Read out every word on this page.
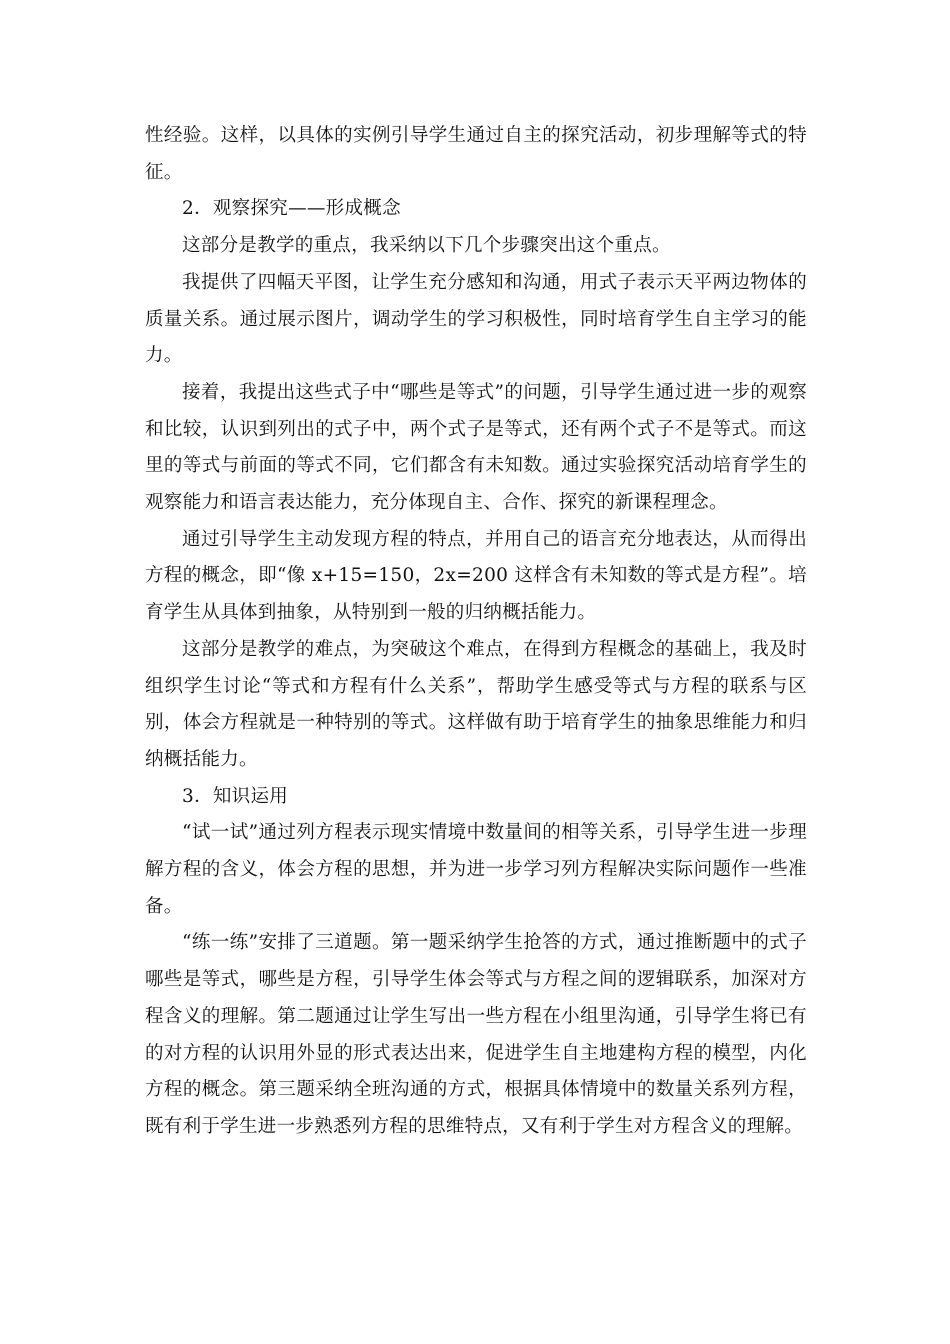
性经验。这样，以具体的实例引导学生通过自主的探究活动，初步理解等式的特征。

2．观察探究——形成概念

这部分是教学的重点，我采纳以下几个步骤突出这个重点。

我提供了四幅天平图，让学生充分感知和沟通，用式子表示天平两边物体的质量关系。通过展示图片，调动学生的学习积极性，同时培育学生自主学习的能力。

接着，我提出这些式子中“哪些是等式”的问题，引导学生通过进一步的观察和比较，认识到列出的式子中，两个式子是等式，还有两个式子不是等式。而这里的等式与前面的等式不同，它们都含有未知数。通过实验探究活动培育学生的观察能力和语言表达能力，充分体现自主、合作、探究的新课程理念。

通过引导学生主动发现方程的特点，并用自己的语言充分地表达，从而得出方程的概念，即“像 x+15=150，2x=200 这样含有未知数的等式是方程”。培育学生从具体到抽象，从特别到一般的归纳概括能力。

这部分是教学的难点，为突破这个难点，在得到方程概念的基础上，我及时组织学生讨论“等式和方程有什么关系”，帮助学生感受等式与方程的联系与区别，体会方程就是一种特别的等式。这样做有助于培育学生的抽象思维能力和归纳概括能力。

3．知识运用

“试一试”通过列方程表示现实情境中数量间的相等关系，引导学生进一步理解方程的含义，体会方程的思想，并为进一步学习列方程解决实际问题作一些准备。

“练一练”安排了三道题。第一题采纳学生抢答的方式，通过推断题中的式子哪些是等式，哪些是方程，引导学生体会等式与方程之间的逻辑联系，加深对方程含义的理解。第二题通过让学生写出一些方程在小组里沟通，引导学生将已有的对方程的认识用外显的形式表达出来，促进学生自主地建构方程的模型，内化方程的概念。第三题采纳全班沟通的方式，根据具体情境中的数量关系列方程，既有利于学生进一步熟悉列方程的思维特点，又有利于学生对方程含义的理解。
